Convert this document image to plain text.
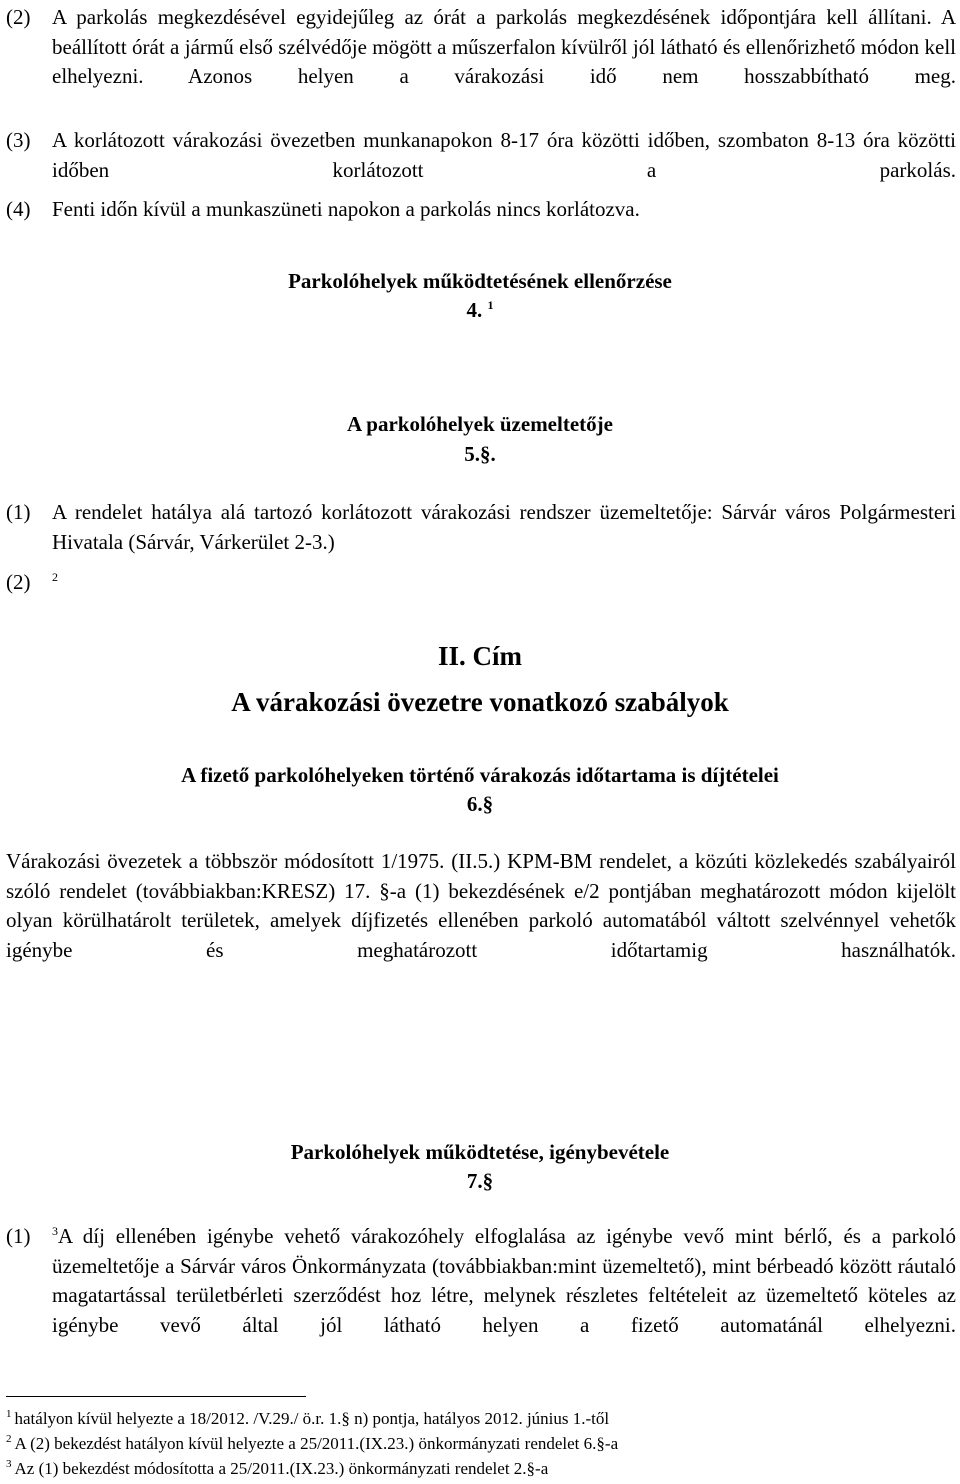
(2) A parkolás megkezdésével egyidejűleg az órát a parkolás megkezdésének időpontjára kell állítani. A beállított órát a jármű első szélvédője mögött a műszerfalon kívülről jól látható és ellenőrizhető módon kell elhelyezni. Azonos helyen a várakozási idő nem hosszabbítható meg.
(3) A korlátozott várakozási övezetben munkanapokon 8-17 óra közötti időben, szombaton 8-13 óra közötti időben korlátozott a parkolás.
(4) Fenti időn kívül a munkaszüneti napokon a parkolás nincs korlátozva.
Parkolóhelyek működtetésének ellenőrzése
4. $^1$
A parkolóhelyek üzemeltetője
5.§.
(1) A rendelet hatálya alá tartozó korlátozott várakozási rendszer üzemeltetője: Sárvár város Polgármesteri Hivatala (Sárvár, Várkerület 2-3.)
(2) $^2$
II. Cím
A várakozási övezetre vonatkozó szabályok
A fizető parkolóhelyeken történő várakozás időtartama is díjtételei
6.§
Várakozási övezetek a többször módosított 1/1975. (II.5.) KPM-BM rendelet, a közúti közlekedés szabályairól szóló rendelet (továbbiakban:KRESZ) 17. §-a (1) bekezdésének e/2 pontjában meghatározott módon kijelölt olyan körülhatárolt területek, amelyek díjfizetés ellenében parkoló automatából váltott szelvénnyel vehetők igénybe és meghatározott időtartamig használhatók.
Parkolóhelyek működtetése, igénybevétele
7.§
(1) $^3$A díj ellenében igénybe vehető várakozóhely elfoglalása az igénybe vevő mint bérlő, és a parkoló üzemeltetője a Sárvár város Önkormányzata (továbbiakban:mint üzemeltető), mint bérbeadó között ráutaló magatartással területbérleti szerződést hoz létre, melynek részletes feltételeit az üzemeltető köteles az igénybe vevő által jól látható helyen a fizető automatánál elhelyezni.
$^1$ hatályon kívül helyezte a 18/2012. /V.29./ ö.r. 1.§ n) pontja, hatályos 2012. június 1.-től
$^2$ A (2) bekezdést hatályon kívül helyezte a 25/2011.(IX.23.) önkormányzati rendelet 6.§-a
$^3$ Az (1) bekezdést módosította a 25/2011.(IX.23.) önkormányzati rendelet 2.§-a
